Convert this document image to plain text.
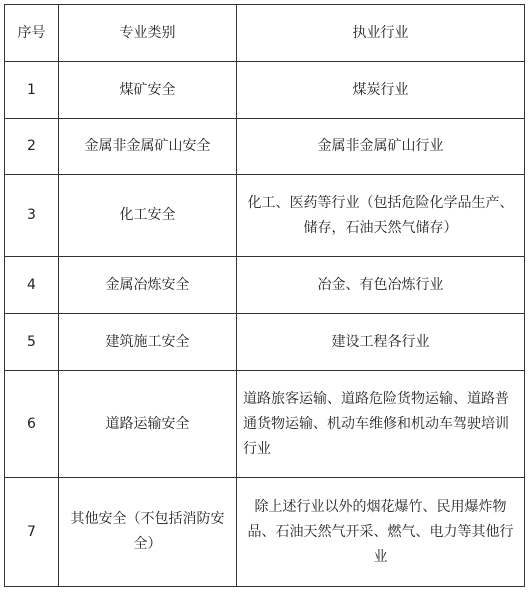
序号	专业类别	执业行业
1	煤矿安全	煤炭行业
2	金属非金属矿山安全	金属非金属矿山行业
3	化工安全	化工、医药等行业（包括危险化学品生产、储存，石油天然气储存）
4	金属冶炼安全	冶金、有色冶炼行业
5	建筑施工安全	建设工程各行业
6	道路运输安全	道路旅客运输、道路危险货物运输、道路普通货物运输、机动车维修和机动车驾驶培训行业
7	其他安全（不包括消防安全）	除上述行业以外的烟花爆竹、民用爆炸物品、石油天然气开采、燃气、电力等其他行业
